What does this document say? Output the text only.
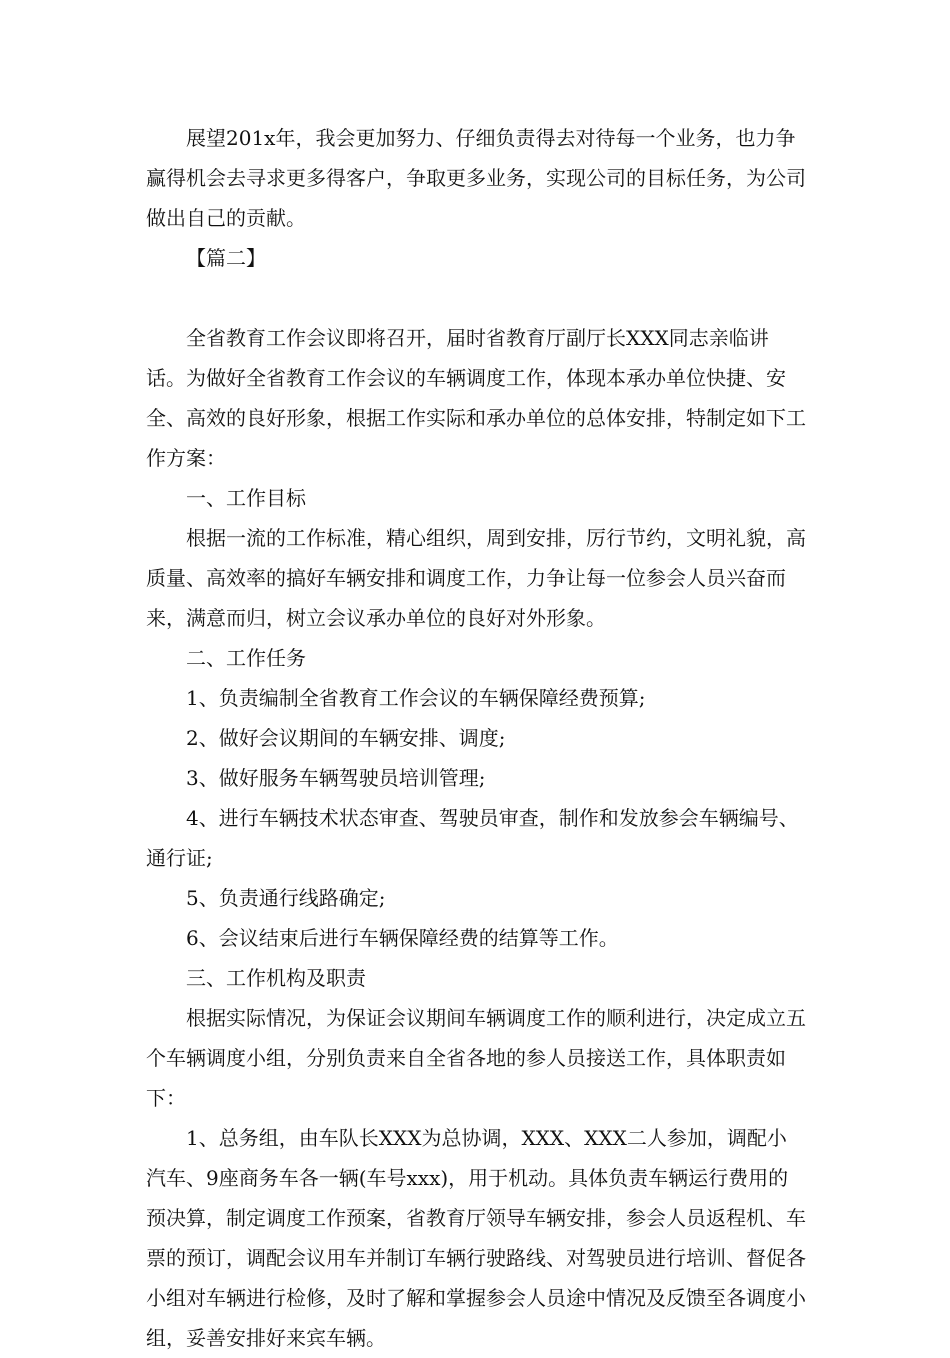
展望201x年，我会更加努力、仔细负责得去对待每一个业务，也力争赢得机会去寻求更多得客户，争取更多业务，实现公司的目标任务，为公司做出自己的贡献。

【篇二】

全省教育工作会议即将召开，届时省教育厅副厅长XXX同志亲临讲话。为做好全省教育工作会议的车辆调度工作，体现本承办单位快捷、安全、高效的良好形象，根据工作实际和承办单位的总体安排，特制定如下工作方案：

一、工作目标

根据一流的工作标准，精心组织，周到安排，厉行节约，文明礼貌，高质量、高效率的搞好车辆安排和调度工作，力争让每一位参会人员兴奋而来，满意而归，树立会议承办单位的良好对外形象。

二、工作任务

1、负责编制全省教育工作会议的车辆保障经费预算;

2、做好会议期间的车辆安排、调度;

3、做好服务车辆驾驶员培训管理;

4、进行车辆技术状态审查、驾驶员审查，制作和发放参会车辆编号、通行证;

5、负责通行线路确定;

6、会议结束后进行车辆保障经费的结算等工作。

三、工作机构及职责

根据实际情况，为保证会议期间车辆调度工作的顺利进行，决定成立五个车辆调度小组，分别负责来自全省各地的参人员接送工作，具体职责如下：

1、总务组，由车队长XXX为总协调，XXX、XXX二人参加，调配小汽车、9座商务车各一辆(车号xxx)，用于机动。具体负责车辆运行费用的预决算，制定调度工作预案，省教育厅领导车辆安排，参会人员返程机、车票的预订，调配会议用车并制订车辆行驶路线、对驾驶员进行培训、督促各小组对车辆进行检修，及时了解和掌握参会人员途中情况及反馈至各调度小组，妥善安排好来宾车辆。
